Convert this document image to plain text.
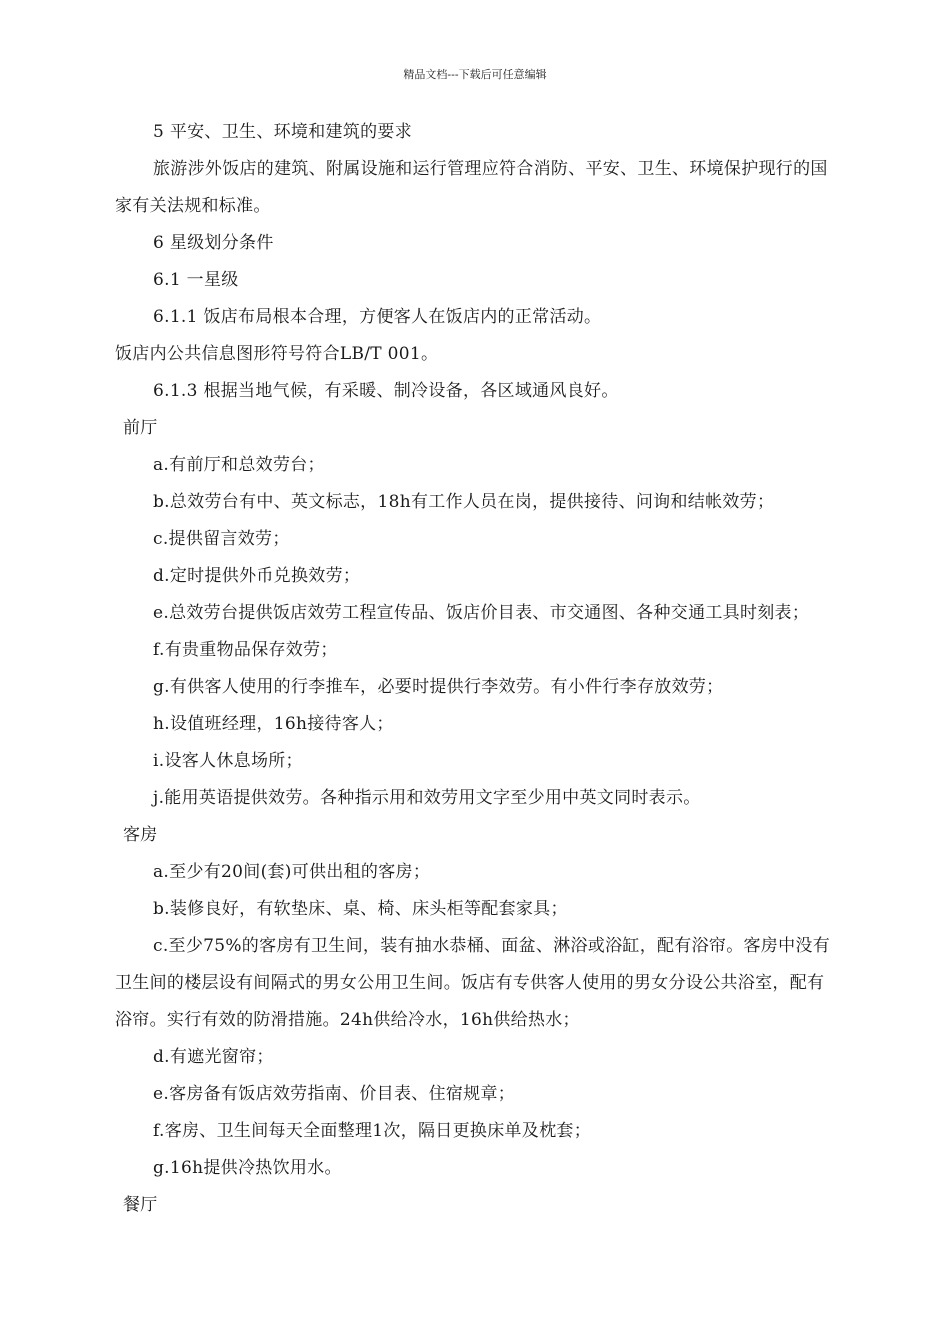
精品文档---下载后可任意编辑
5 平安、卫生、环境和建筑的要求
旅游涉外饭店的建筑、附属设施和运行管理应符合消防、平安、卫生、环境保护现行的国家有关法规和标准。
6 星级划分条件
6.1 一星级
6.1.1 饭店布局根本合理，方便客人在饭店内的正常活动。
饭店内公共信息图形符号符合LB/T 001。
6.1.3 根据当地气候，有采暖、制冷设备，各区域通风良好。
前厅
a.有前厅和总效劳台；
b.总效劳台有中、英文标志，18h有工作人员在岗，提供接待、问询和结帐效劳；
c.提供留言效劳；
d.定时提供外币兑换效劳；
e.总效劳台提供饭店效劳工程宣传品、饭店价目表、市交通图、各种交通工具时刻表；
f.有贵重物品保存效劳；
g.有供客人使用的行李推车，必要时提供行李效劳。有小件行李存放效劳；
h.设值班经理，16h接待客人；
i.设客人休息场所；
j.能用英语提供效劳。各种指示用和效劳用文字至少用中英文同时表示。
客房
a.至少有20间(套)可供出租的客房；
b.装修良好，有软垫床、桌、椅、床头柜等配套家具；
c.至少75%的客房有卫生间，装有抽水恭桶、面盆、淋浴或浴缸，配有浴帘。客房中没有卫生间的楼层设有间隔式的男女公用卫生间。饭店有专供客人使用的男女分设公共浴室，配有浴帘。实行有效的防滑措施。24h供给冷水，16h供给热水；
d.有遮光窗帘；
e.客房备有饭店效劳指南、价目表、住宿规章；
f.客房、卫生间每天全面整理1次，隔日更换床单及枕套；
g.16h提供冷热饮用水。
餐厅
